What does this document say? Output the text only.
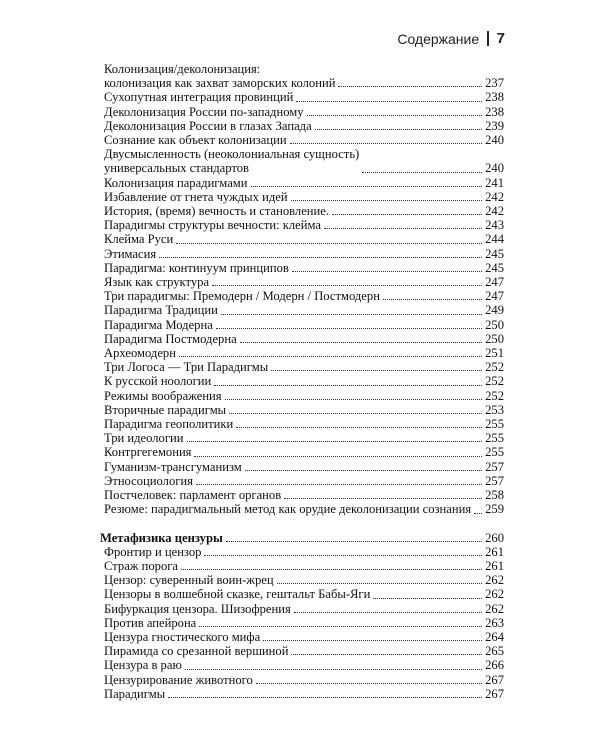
Содержание 7
Колонизация/деколонизация:
колонизация как захват заморских колоний	237
Сухопутная интеграция провинций	238
Деколонизация России по-западному	238
Деколонизация России в глазах Запада	239
Сознание как объект колонизации	240
Двусмысленность (неоколониальная сущность)
универсальных стандартов	240
Колонизация парадигмами	241
Избавление от гнета чуждых идей	242
История, (время) вечность и становление.	242
Парадигмы структуры вечности: клейма	243
Клейма Руси	244
Этимасия	245
Парадигма: континуум принципов	245
Язык как структура	247
Три парадигмы: Премодерн / Модерн / Постмодерн	247
Парадигма Традиции	249
Парадигма Модерна	250
Парадигма Постмодерна	250
Археомодерн	251
Три Логоса — Три Парадигмы	252
К русской ноологии	252
Режимы воображения	252
Вторичные парадигмы	253
Парадигма геополитики	255
Три идеологии	255
Контргегемония	255
Гуманизм-трансгуманизм	257
Этносоциология	257
Постчеловек: парламент органов	258
Резюме: парадигмальный метод как орудие деколонизации сознания 259
Метафизика цензуры	260
Фронтир и цензор	261
Страж порога	261
Цензор: суверенный воин-жрец	262
Цензоры в волшебной сказке, гештальт Бабы-Яги	262
Бифуркация цензора. Шизофрения	262
Против апейрона	263
Цензура гностического мифа	264
Пирамида со срезанной вершиной	265
Цензура в раю	266
Цензурирование животного	267
Парадигмы	267
